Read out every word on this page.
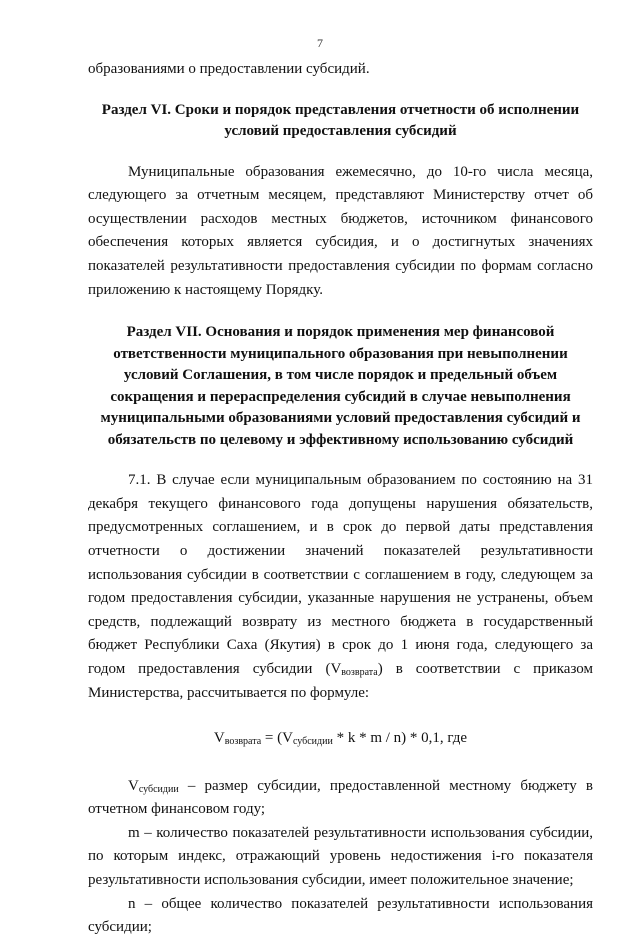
7

образованиями о предоставлении субсидий.

Раздел VI. Сроки и порядок представления отчетности об исполнении
условий предоставления субсидий

Муниципальные образования ежемесячно, до 10-го числа месяца, следующего за отчетным месяцем, представляют Министерству отчет об осуществлении расходов местных бюджетов, источником финансового обеспечения которых является субсидия, и о достигнутых значениях показателей результативности предоставления субсидии по формам согласно приложению к настоящему Порядку.

Раздел VII. Основания и порядок применения мер финансовой
ответственности муниципального образования при невыполнении
условий Соглашения, в том числе порядок и предельный объем
сокращения и перераспределения субсидий в случае невыполнения
муниципальными образованиями условий предоставления субсидий и
обязательств по целевому и эффективному использованию субсидий

7.1. В случае если муниципальным образованием по состоянию на 31 декабря текущего финансового года допущены нарушения обязательств, предусмотренных соглашением, и в срок до первой даты представления отчетности о достижении значений показателей результативности использования субсидии в соответствии с соглашением в году, следующем за годом предоставления субсидии, указанные нарушения не устранены, объем средств, подлежащий возврату из местного бюджета в государственный бюджет Республики Саха (Якутия) в срок до 1 июня года, следующего за годом предоставления субсидии $(V_{возврата})$ в соответствии с приказом Министерства, рассчитывается по формуле:

$V_{возврата} = (V_{субсидии} * k * m / n) * 0,1$, где

$V_{субсидии}$ – размер субсидии, предоставленной местному бюджету в отчетном финансовом году;

m – количество показателей результативности использования субсидии, по которым индекс, отражающий уровень недостижения i-го показателя результативности использования субсидии, имеет положительное значение;

n – общее количество показателей результативности использования субсидии;
